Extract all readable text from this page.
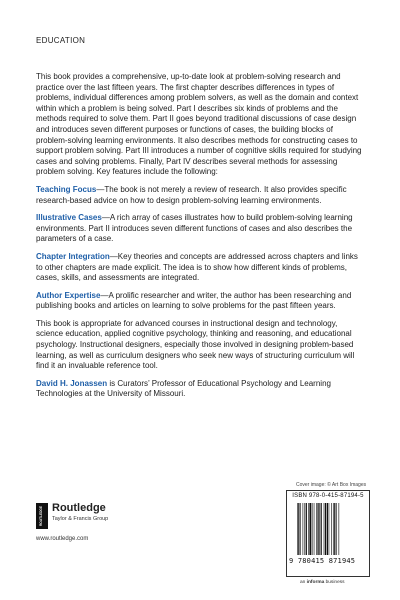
EDUCATION

This book provides a comprehensive, up-to-date look at problem-solving research and practice over the last fifteen years. The first chapter describes differences in types of problems, individual differences among problem solvers, as well as the domain and context within which a problem is being solved. Part I describes six kinds of problems and the methods required to solve them. Part II goes beyond traditional discussions of case design and introduces seven different purposes or functions of cases, the building blocks of problem-solving learning environments. It also describes methods for constructing cases to support problem solving. Part III introduces a number of cognitive skills required for studying cases and solving problems. Finally, Part IV describes several methods for assessing problem solving. Key features include the following:

Teaching Focus—The book is not merely a review of research. It also provides specific research-based advice on how to design problem-solving learning environments.

Illustrative Cases—A rich array of cases illustrates how to build problem-solving learning environments. Part II introduces seven different functions of cases and also describes the parameters of a case.

Chapter Integration—Key theories and concepts are addressed across chapters and links to other chapters are made explicit. The idea is to show how different kinds of problems, cases, skills, and assessments are integrated.

Author Expertise—A prolific researcher and writer, the author has been researching and publishing books and articles on learning to solve problems for the past fifteen years.

This book is appropriate for advanced courses in instructional design and technology, science education, applied cognitive psychology, thinking and reasoning, and educational psychology. Instructional designers, especially those involved in designing problem-based learning, as well as curriculum designers who seek new ways of structuring curriculum will find it an invaluable reference tool.

David H. Jonassen is Curators’ Professor of Educational Psychology and Learning Technologies at the University of Missouri.

ROUTLEDGE Routledge
Taylor & Francis Group
www.routledge.com
Cover image: © Art Box Images
ISBN 978-0-415-87194-5
9 780415 871945
an informa business
